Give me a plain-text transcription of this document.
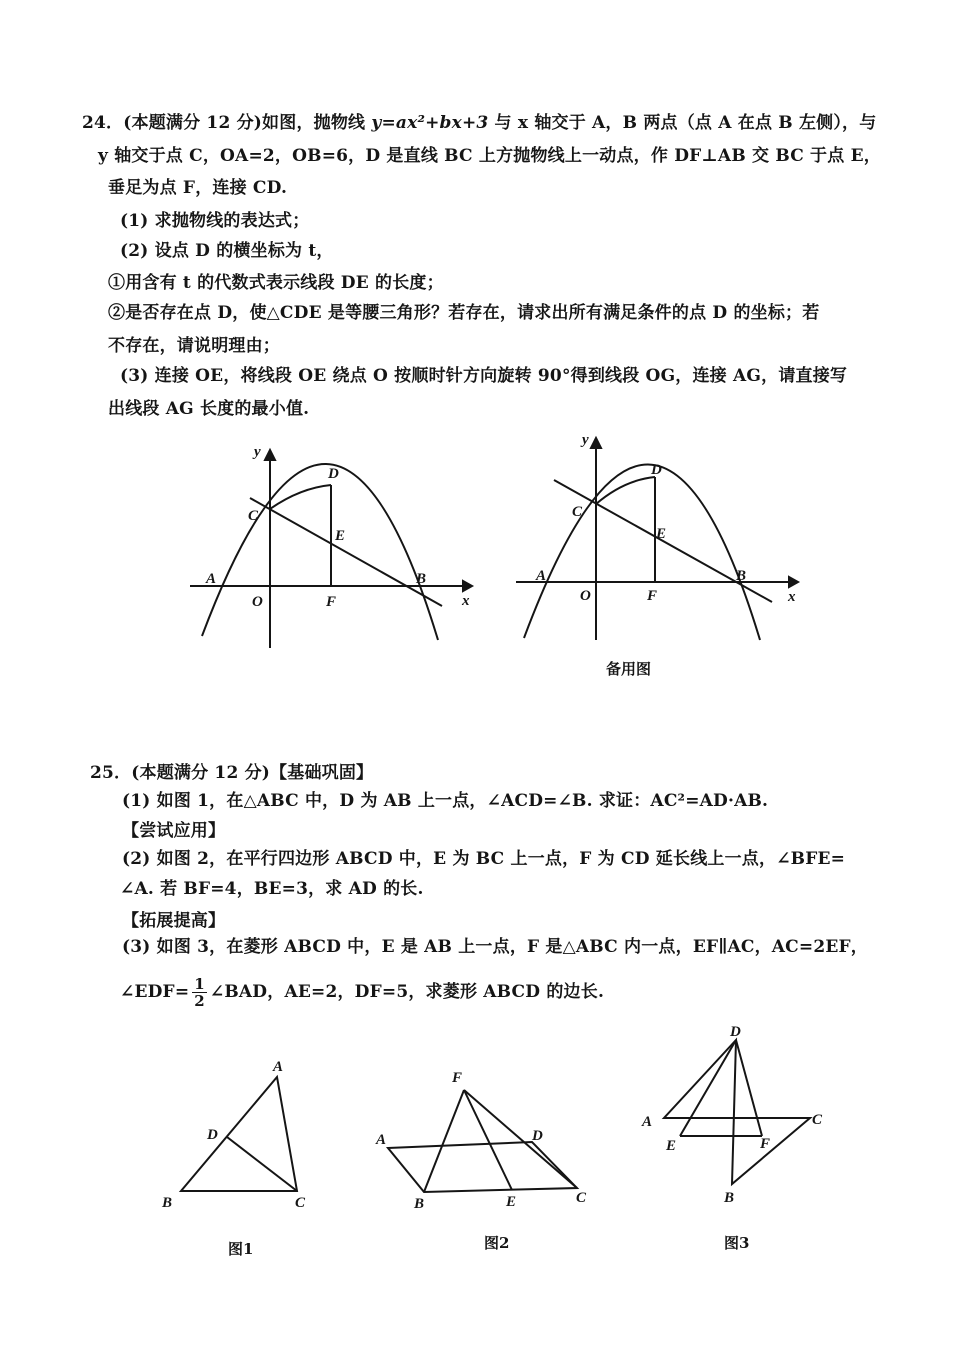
24．(本题满分 12 分)如图，抛物线 y=ax²+bx+3 与 x 轴交于 A，B 两点（点 A 在点 B 左侧），与
y 轴交于点 C，OA=2，OB=6，D 是直线 BC 上方抛物线上一动点，作 DF⊥AB 交 BC 于点 E，
垂足为点 F，连接 CD.
(1) 求抛物线的表达式；
(2) 设点 D 的横坐标为 t，
①用含有 t 的代数式表示线段 DE 的长度；
②是否存在点 D，使△CDE 是等腰三角形？若存在，请求出所有满足条件的点 D 的坐标；若
不存在，请说明理由；
(3) 连接 OE，将线段 OE 绕点 O 按顺时针方向旋转 90°得到线段 OG，连接 AG，请直接写
出线段 AG 长度的最小值.
y
x
A	B
C
D
E
F
O
y
x
A	B
C
D
E
F
O
备用图
25．(本题满分 12 分)【基础巩固】
(1) 如图 1，在△ABC 中，D 为 AB 上一点，∠ACD=∠B. 求证：AC²=AD·AB.
【尝试应用】
(2) 如图 2，在平行四边形 ABCD 中，E 为 BC 上一点，F 为 CD 延长线上一点，∠BFE=
∠A. 若 BF=4，BE=3，求 AD 的长.
【拓展提高】
(3) 如图 3，在菱形 ABCD 中，E 是 AB 上一点，F 是△ABC 内一点，EF∥AC，AC=2EF，
∠EDF= $\frac{1}{2}$ ∠BAD，AE=2，DF=5，求菱形 ABCD 的边长.
A
B	C
D
图1
A
B	C
D
E
F
图2
A
B
C
D
E	F
图3
